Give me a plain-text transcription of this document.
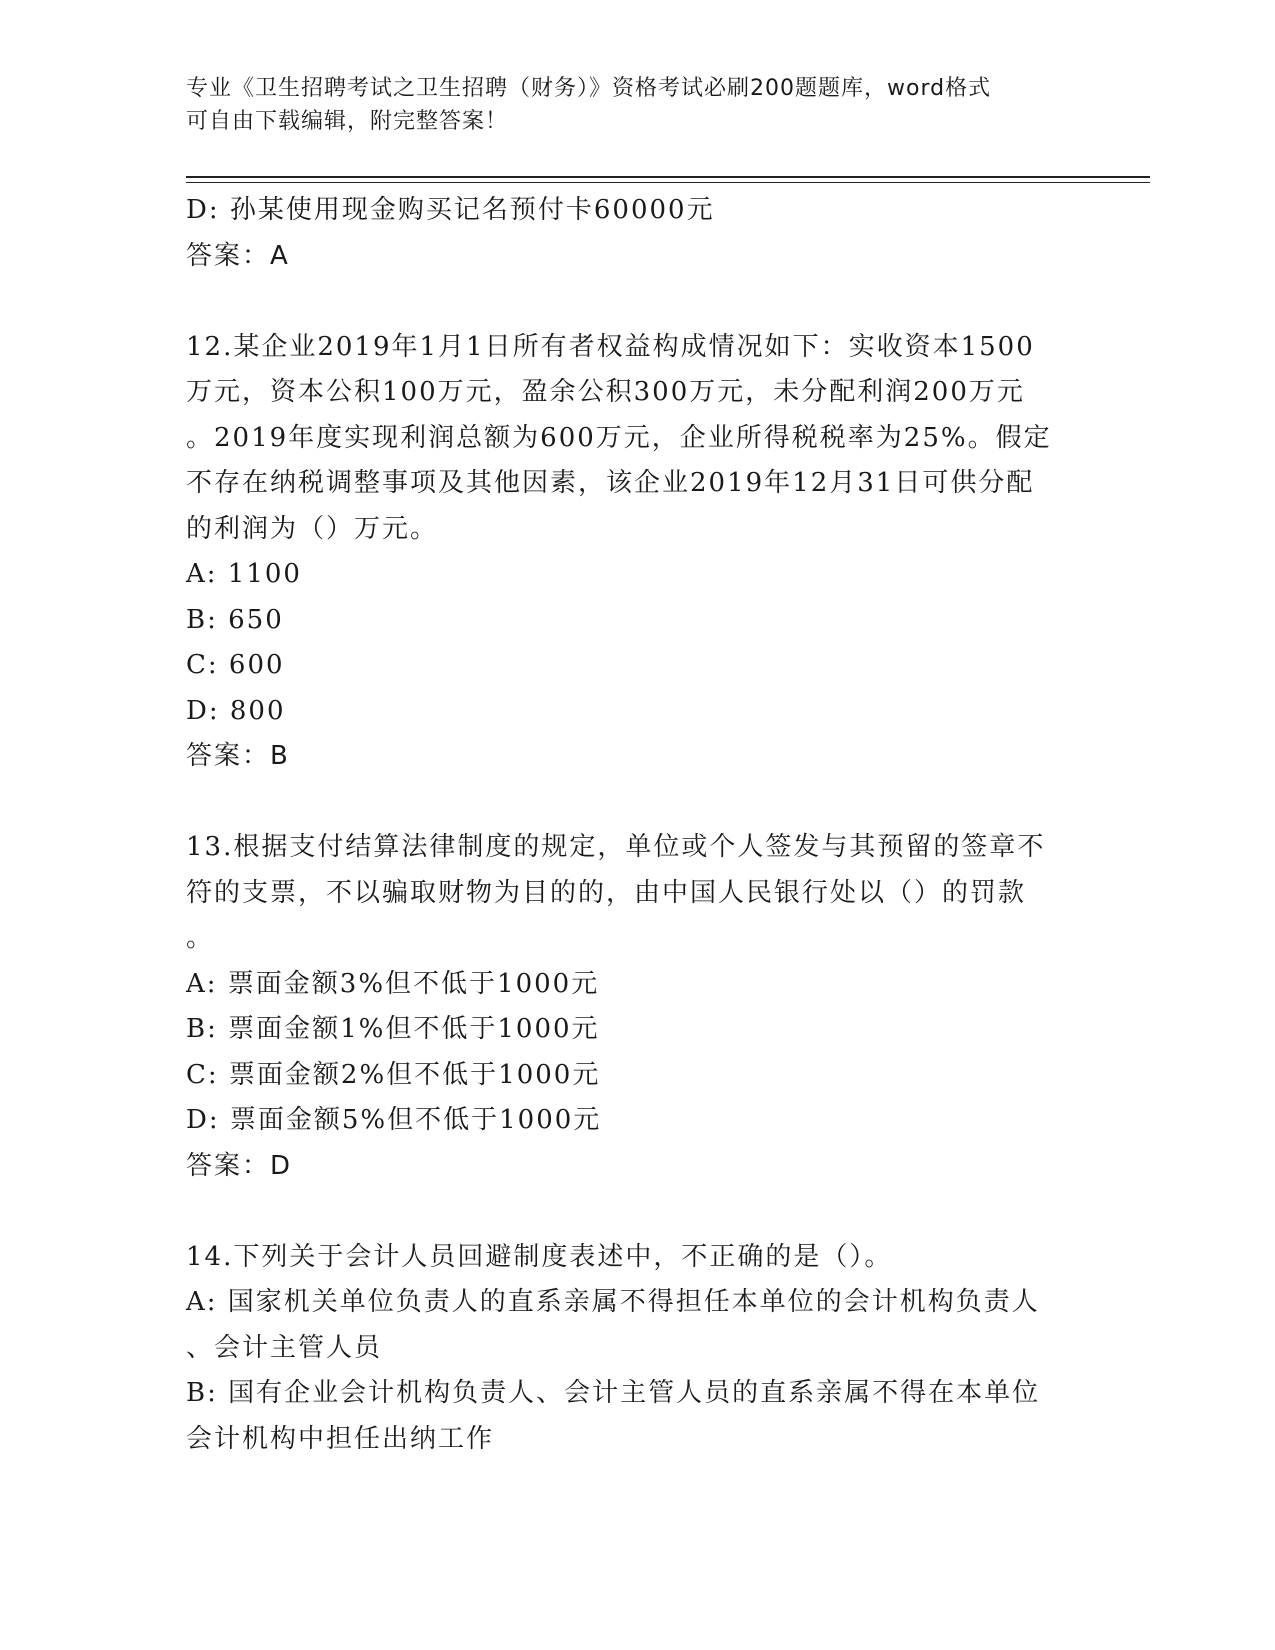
专业《卫生招聘考试之卫生招聘（财务）》资格考试必刷200题题库，word格式
可自由下载编辑，附完整答案！
D: 孙某使用现金购买记名预付卡60000元
答案：A
12.某企业2019年1月1日所有者权益构成情况如下：实收资本1500
万元，资本公积100万元，盈余公积300万元，未分配利润200万元
。2019年度实现利润总额为600万元，企业所得税税率为25%。假定
不存在纳税调整事项及其他因素，该企业2019年12月31日可供分配
的利润为（）万元。
A: 1100
B: 650
C: 600
D: 800
答案：B
13.根据支付结算法律制度的规定，单位或个人签发与其预留的签章不
符的支票，不以骗取财物为目的的，由中国人民银行处以（）的罚款
。
A: 票面金额3%但不低于1000元
B: 票面金额1%但不低于1000元
C: 票面金额2%但不低于1000元
D: 票面金额5%但不低于1000元
答案：D
14.下列关于会计人员回避制度表述中，不正确的是（）。
A: 国家机关单位负责人的直系亲属不得担任本单位的会计机构负责人
、会计主管人员
B: 国有企业会计机构负责人、会计主管人员的直系亲属不得在本单位
会计机构中担任出纳工作
